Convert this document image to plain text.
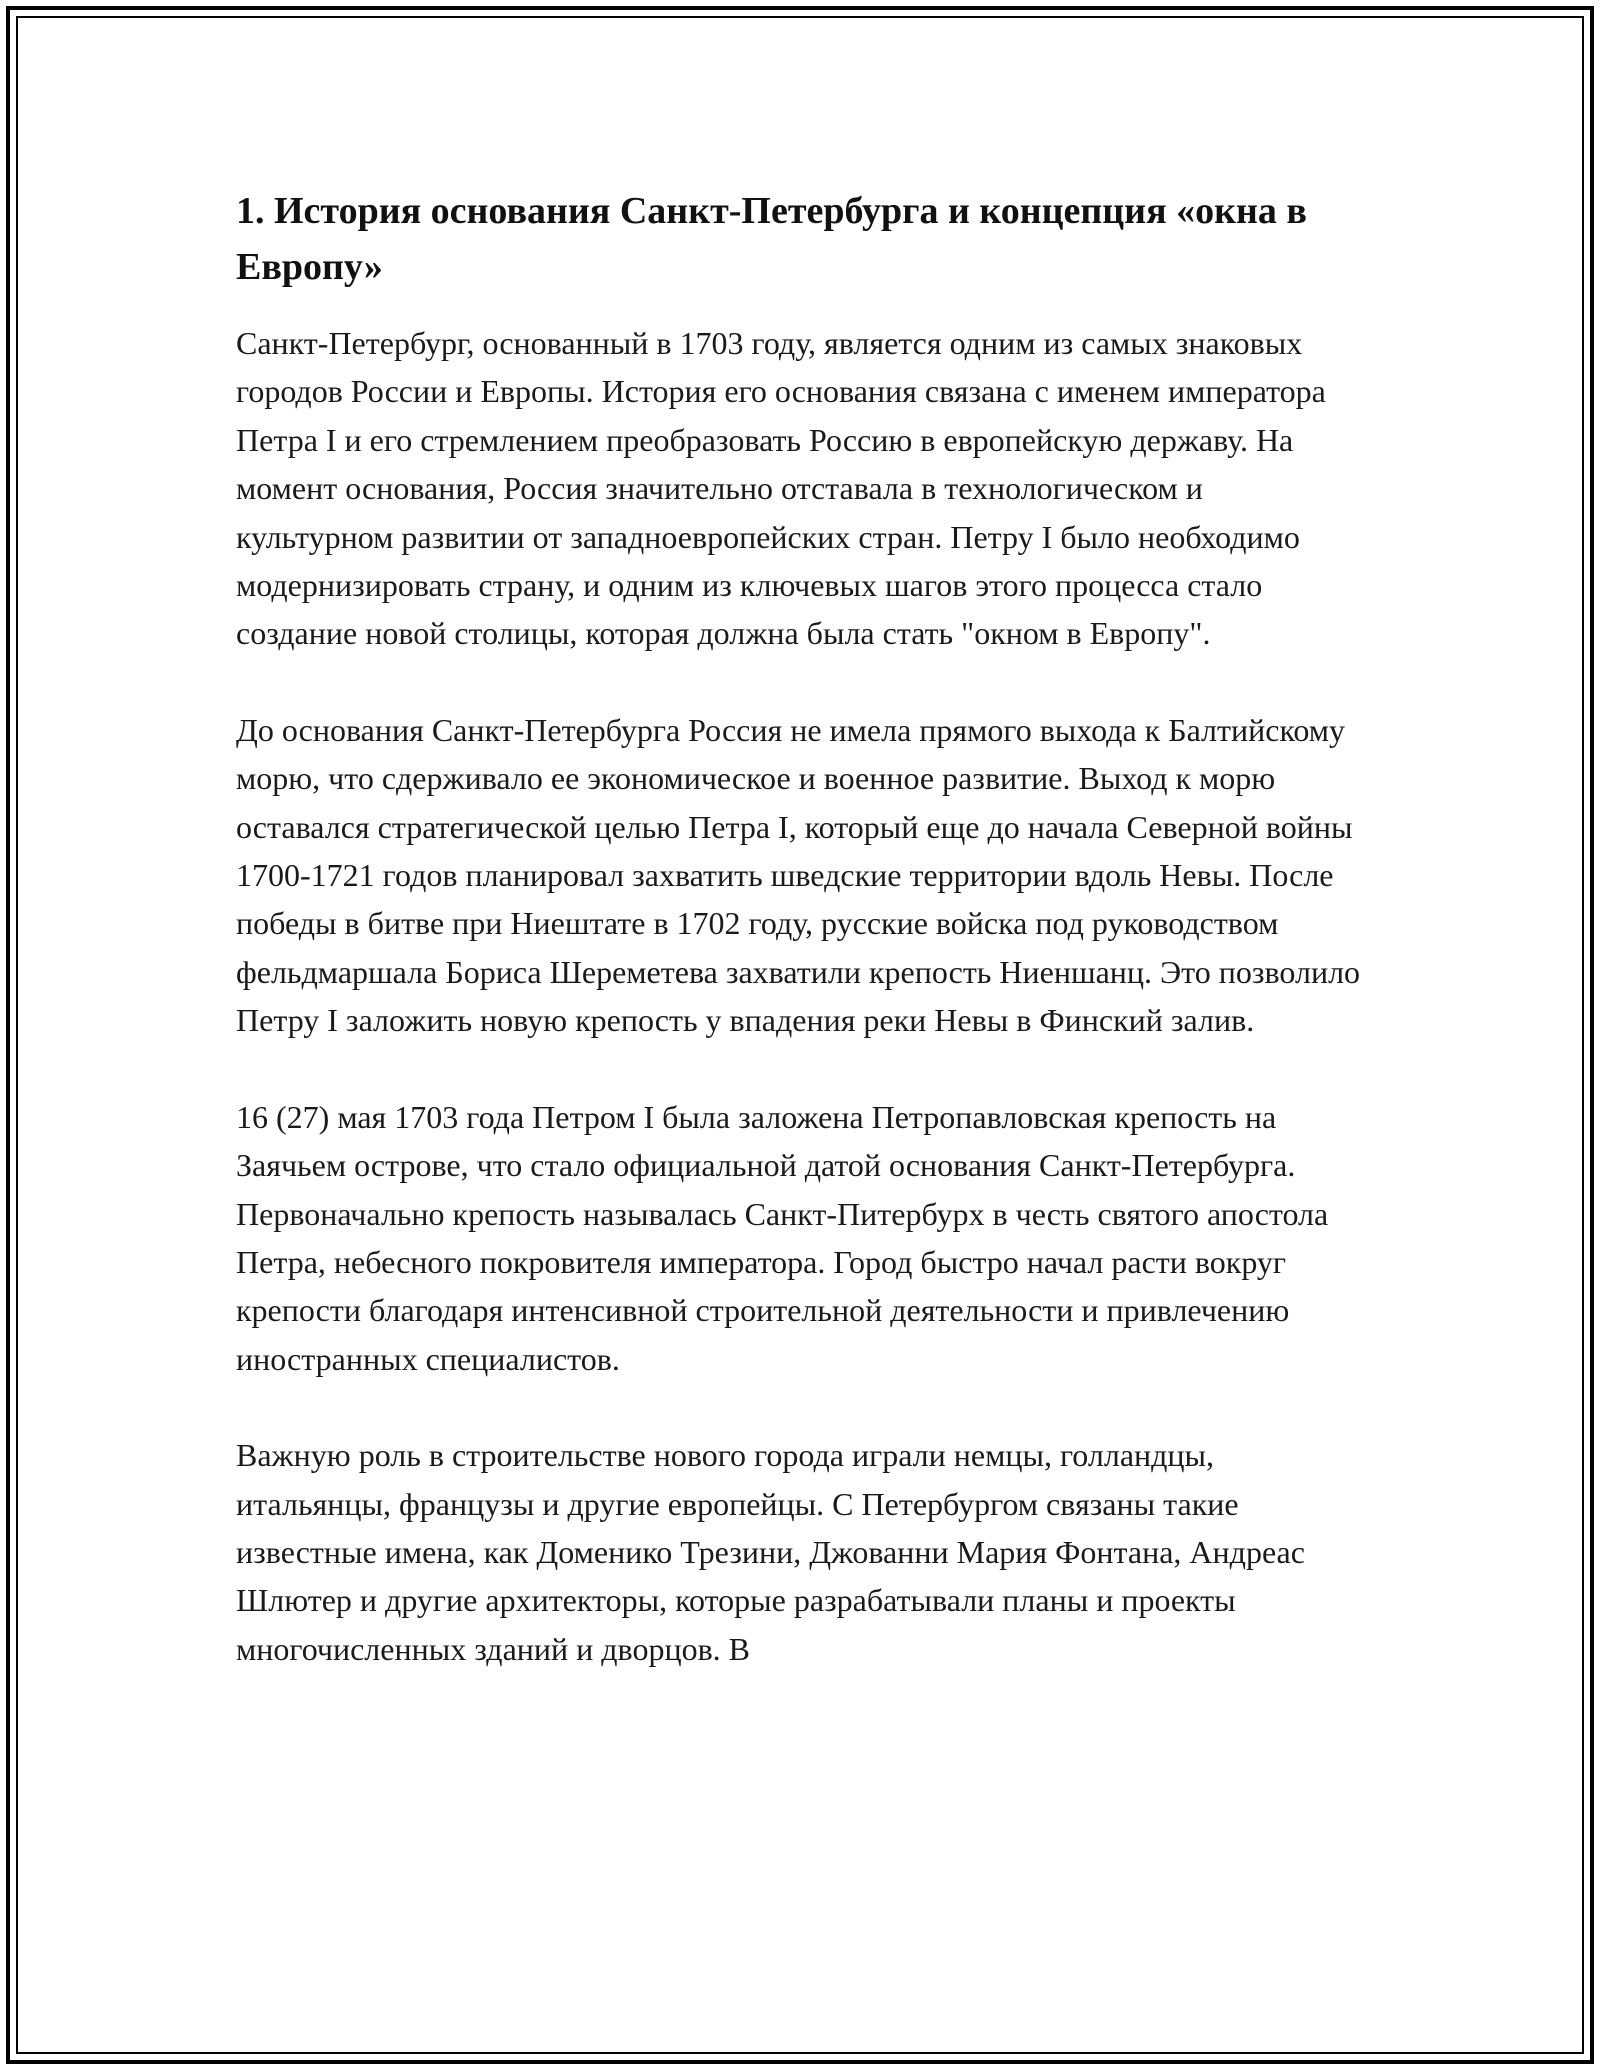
1. История основания Санкт-Петербурга и концепция «окна в Европу»

Санкт-Петербург, основанный в 1703 году, является одним из самых знаковых городов России и Европы. История его основания связана с именем императора Петра I и его стремлением преобразовать Россию в европейскую державу. На момент основания, Россия значительно отставала в технологическом и культурном развитии от западноевропейских стран. Петру I было необходимо модернизировать страну, и одним из ключевых шагов этого процесса стало создание новой столицы, которая должна была стать "окном в Европу".

До основания Санкт-Петербурга Россия не имела прямого выхода к Балтийскому морю, что сдерживало ее экономическое и военное развитие. Выход к морю оставался стратегической целью Петра I, который еще до начала Северной войны 1700-1721 годов планировал захватить шведские территории вдоль Невы. После победы в битве при Ниештате в 1702 году, русские войска под руководством фельдмаршала Бориса Шереметева захватили крепость Ниеншанц. Это позволило Петру I заложить новую крепость у впадения реки Невы в Финский залив.

16 (27) мая 1703 года Петром I была заложена Петропавловская крепость на Заячьем острове, что стало официальной датой основания Санкт-Петербурга. Первоначально крепость называлась Санкт-Питербурх в честь святого апостола Петра, небесного покровителя императора. Город быстро начал расти вокруг крепости благодаря интенсивной строительной деятельности и привлечению иностранных специалистов.

Важную роль в строительстве нового города играли немцы, голландцы, итальянцы, французы и другие европейцы. С Петербургом связаны такие известные имена, как Доменико Трезини, Джованни Мария Фонтана, Андреас Шлютер и другие архитекторы, которые разрабатывали планы и проекты многочисленных зданий и дворцов. В
